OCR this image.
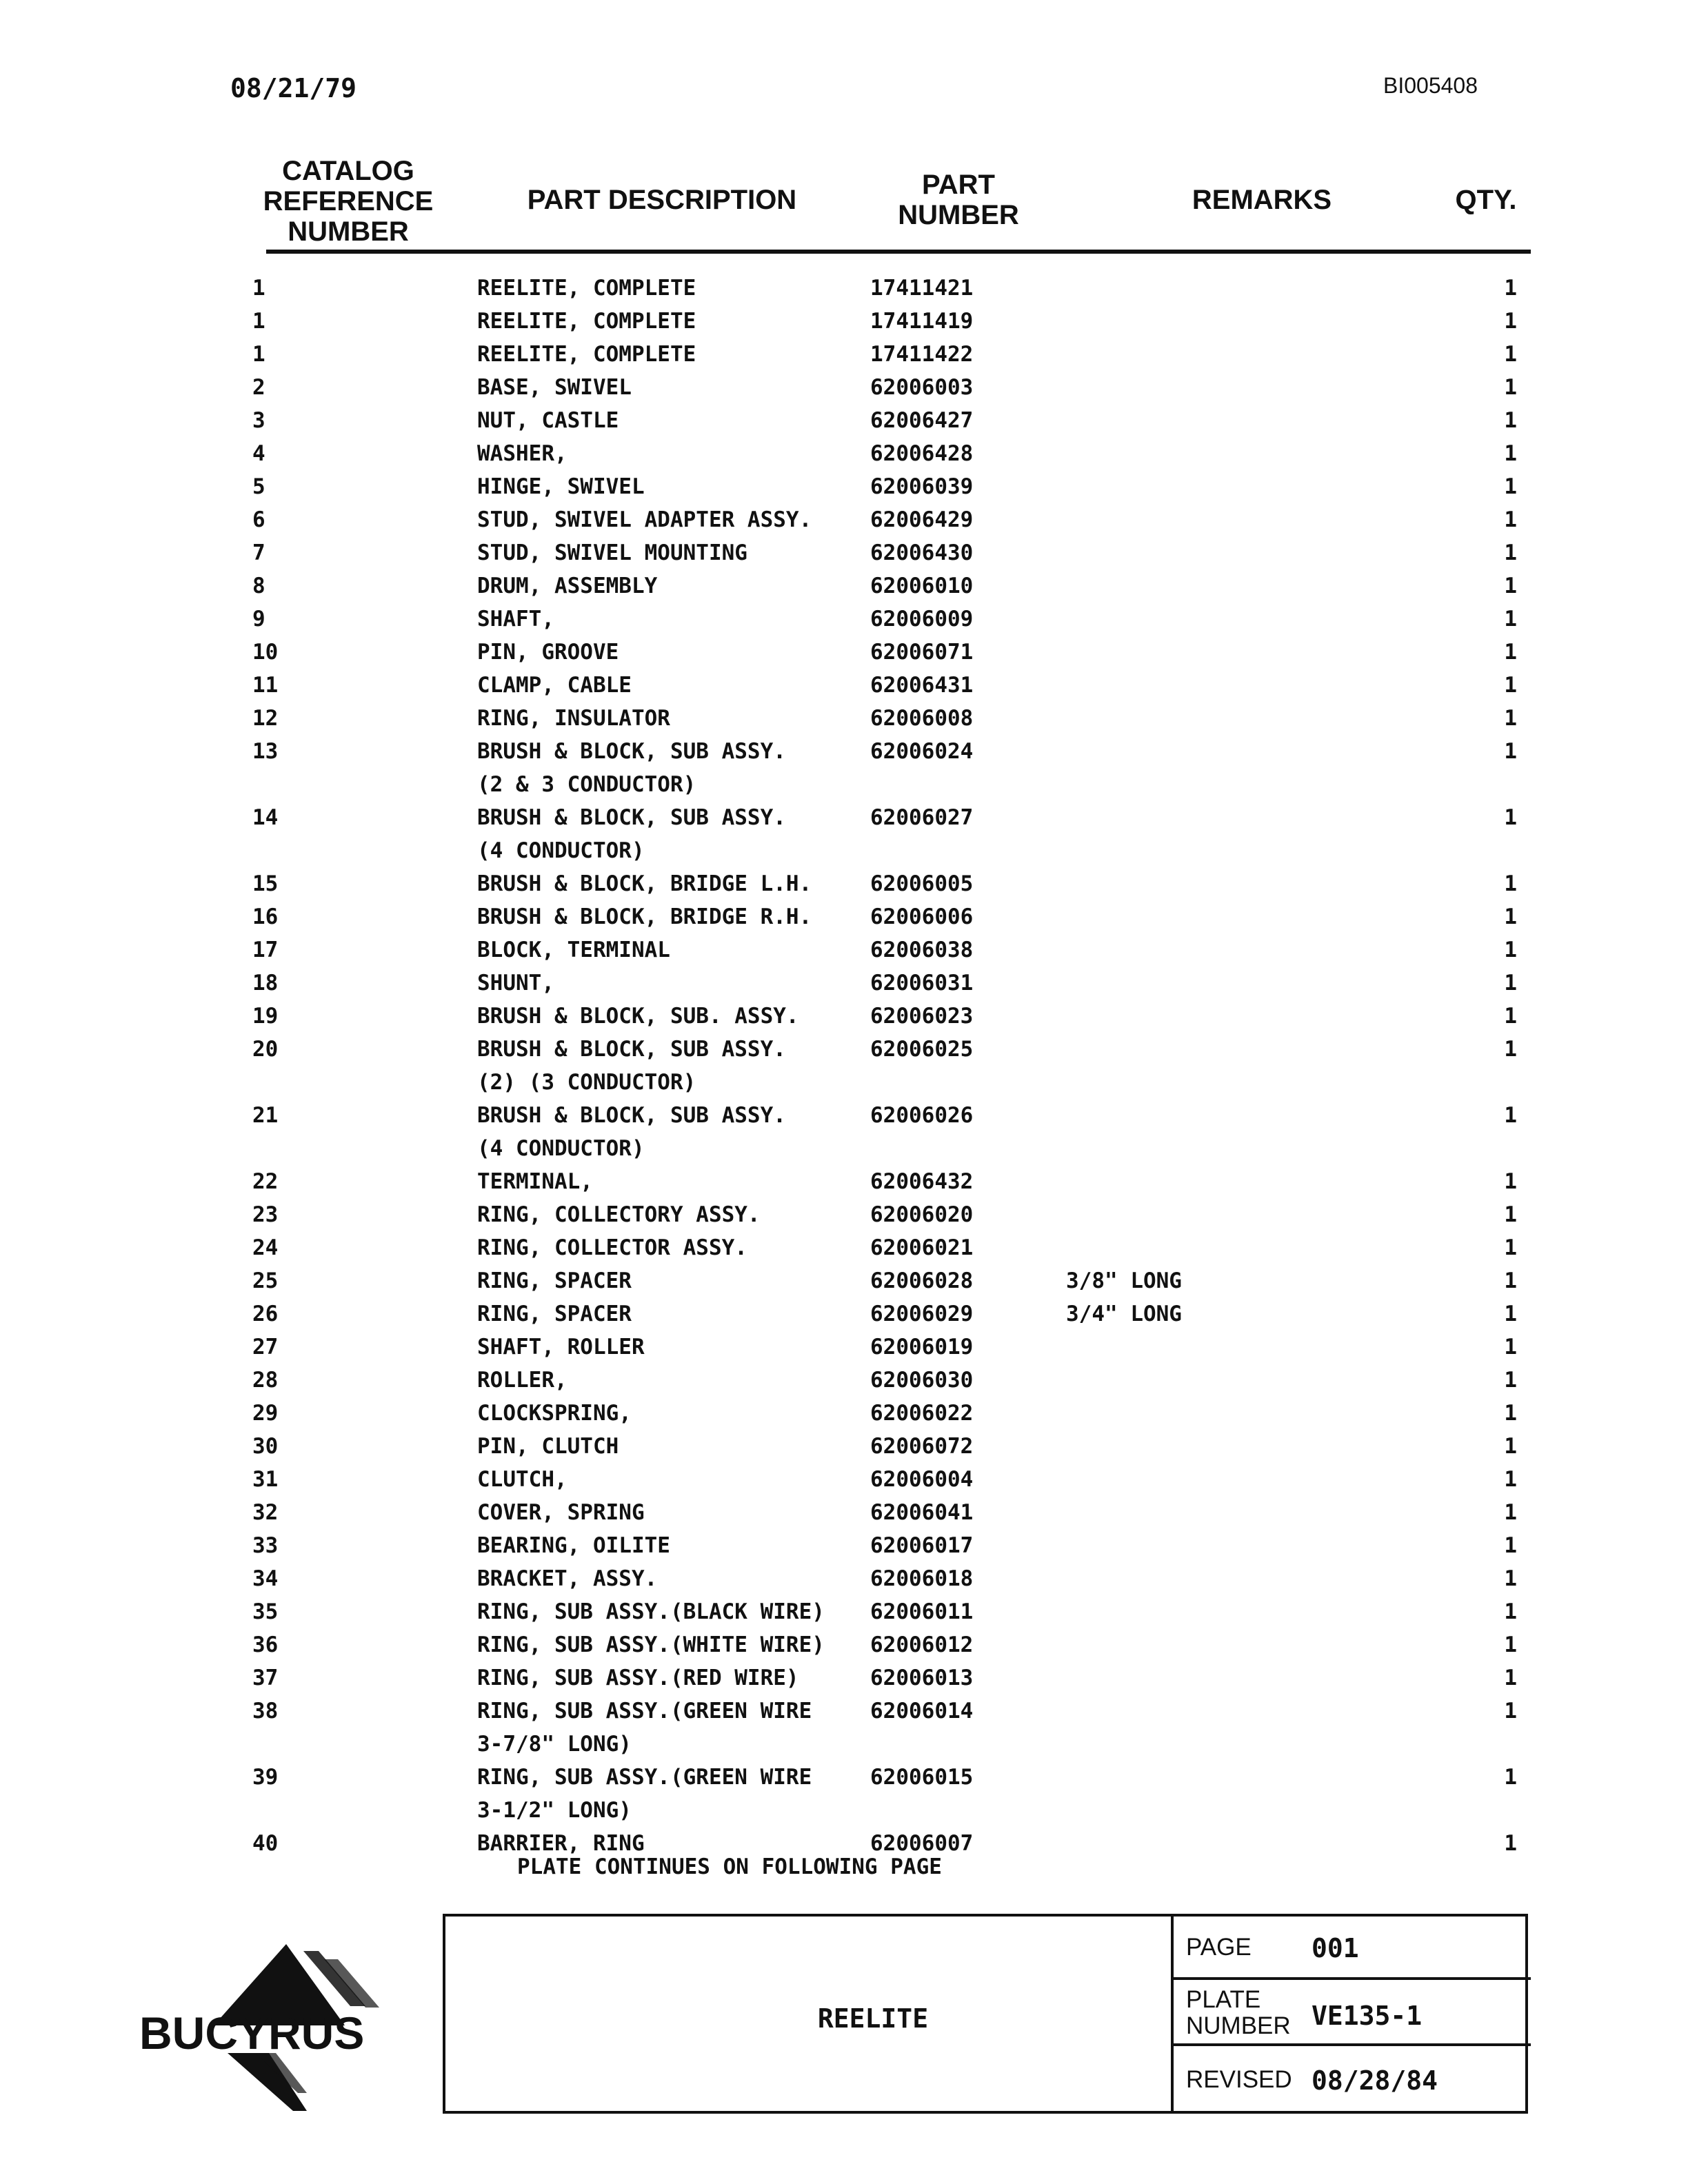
08/21/79	BI005408
CATALOG REFERENCE NUMBER
PART DESCRIPTION	PART NUMBER	REMARKS	QTY.
1	REELITE, COMPLETE	17411421	1
1	REELITE, COMPLETE	17411419	1
1	REELITE, COMPLETE	17411422	1
2	BASE, SWIVEL	62006003	1
3	NUT, CASTLE	62006427	1
4	WASHER,	62006428	1
5	HINGE, SWIVEL	62006039	1
6	STUD, SWIVEL ADAPTER ASSY.	62006429	1
7	STUD, SWIVEL MOUNTING	62006430	1
8	DRUM, ASSEMBLY	62006010	1
9	SHAFT,	62006009	1
10	PIN, GROOVE	62006071	1
11	CLAMP, CABLE	62006431	1
12	RING, INSULATOR	62006008	1
13	BRUSH & BLOCK, SUB ASSY.	62006024	1
(2 & 3 CONDUCTOR)
14	BRUSH & BLOCK, SUB ASSY.	62006027	1
(4 CONDUCTOR)
15	BRUSH & BLOCK, BRIDGE L.H.	62006005	1
16	BRUSH & BLOCK, BRIDGE R.H.	62006006	1
17	BLOCK, TERMINAL	62006038	1
18	SHUNT,	62006031	1
19	BRUSH & BLOCK, SUB. ASSY.	62006023	1
20	BRUSH & BLOCK, SUB ASSY.	62006025	1
(2) (3 CONDUCTOR)
21	BRUSH & BLOCK, SUB ASSY.	62006026	1
(4 CONDUCTOR)
22	TERMINAL,	62006432	1
23	RING, COLLECTORY ASSY.	62006020	1
24	RING, COLLECTOR ASSY.	62006021	1
25	RING, SPACER	62006028	3/8" LONG	1
26	RING, SPACER	62006029	3/4" LONG	1
27	SHAFT, ROLLER	62006019	1
28	ROLLER,	62006030	1
29	CLOCKSPRING,	62006022	1
30	PIN, CLUTCH	62006072	1
31	CLUTCH,	62006004	1
32	COVER, SPRING	62006041	1
33	BEARING, OILITE	62006017	1
34	BRACKET, ASSY.	62006018	1
35	RING, SUB ASSY.(BLACK WIRE) 62006011	1
36	RING, SUB ASSY.(WHITE WIRE) 62006012	1
37	RING, SUB ASSY.(RED WIRE)	62006013	1
38	RING, SUB ASSY.(GREEN WIRE	62006014	1
3-7/8" LONG)
39	RING, SUB ASSY.(GREEN WIRE	62006015	1
3-1/2" LONG)
40	BARRIER, RING	62006007	1
PLATE CONTINUES ON FOLLOWING PAGE
BUCYRUS	REELITE
PAGE 001
PLATE NUMBER VE135-1
REVISED 08/28/84
